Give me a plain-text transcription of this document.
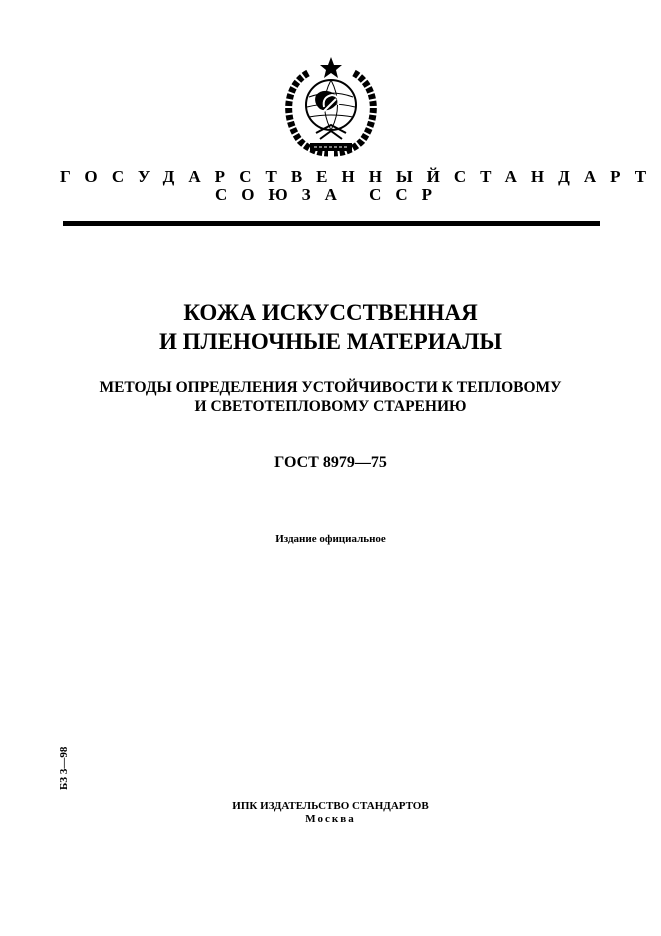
ГОСУДАРСТВЕННЫЙ СТАНДАРТ
СОЮЗА ССР
КОЖА ИСКУССТВЕННАЯ
И ПЛЕНОЧНЫЕ МАТЕРИАЛЫ
МЕТОДЫ ОПРЕДЕЛЕНИЯ УСТОЙЧИВОСТИ К ТЕПЛОВОМУ
И СВЕТОТЕПЛОВОМУ СТАРЕНИЮ
ГОСТ 8979—75
Издание официальное
БЗ 3—98
ИПК ИЗДАТЕЛЬСТВО СТАНДАРТОВ
Москва
